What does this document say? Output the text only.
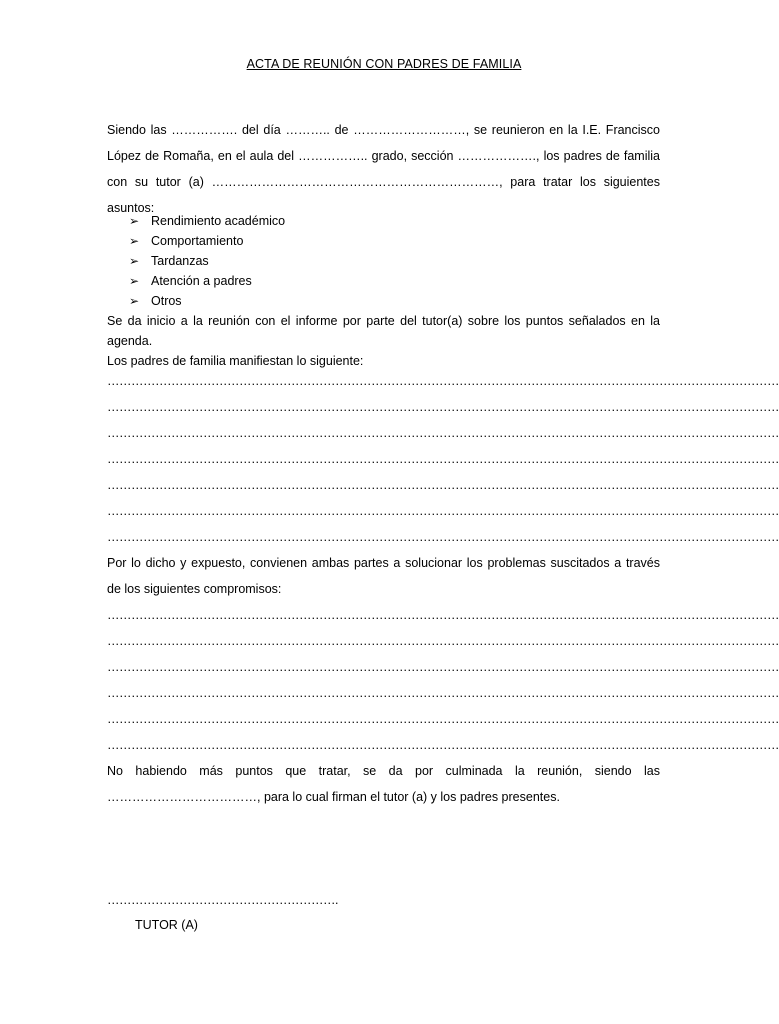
ACTA DE REUNIÓN CON PADRES DE FAMILIA
Siendo las ……………. del día ……….. de ………………………, se reunieron en la I.E. Francisco López de Romaña, en el aula del …………….. grado, sección ………………., los padres de familia con su tutor (a) ……………………………………………………………, para tratar los siguientes asuntos:
➢ Rendimiento académico
➢ Comportamiento
➢ Tardanzas
➢ Atención a padres
➢ Otros
Se da inicio a la reunión con el informe por parte del tutor(a) sobre los puntos señalados en la agenda.
Los padres de familia manifiestan lo siguiente:
……………………………………………………………………………………………………………………………………………………
……………………………………………………………………………………………………………………………………………………
……………………………………………………………………………………………………………………………………………………
……………………………………………………………………………………………………………………………………………………
……………………………………………………………………………………………………………………………………………………
……………………………………………………………………………………………………………………………………………………
……………………………………………………………………………………………………………………………………………………
Por lo dicho y expuesto, convienen ambas partes a solucionar los problemas suscitados a través de los siguientes compromisos:
……………………………………………………………………………………………………………………………………………………
……………………………………………………………………………………………………………………………………………………
……………………………………………………………………………………………………………………………………………………
……………………………………………………………………………………………………………………………………………………
……………………………………………………………………………………………………………………………………………………
……………………………………………………………………………………………………………………………………………………
No habiendo más puntos que tratar, se da por culminada la reunión, siendo las ………………………………, para lo cual firman el tutor (a) y los padres presentes.
………………………………………………….
TUTOR (A)
